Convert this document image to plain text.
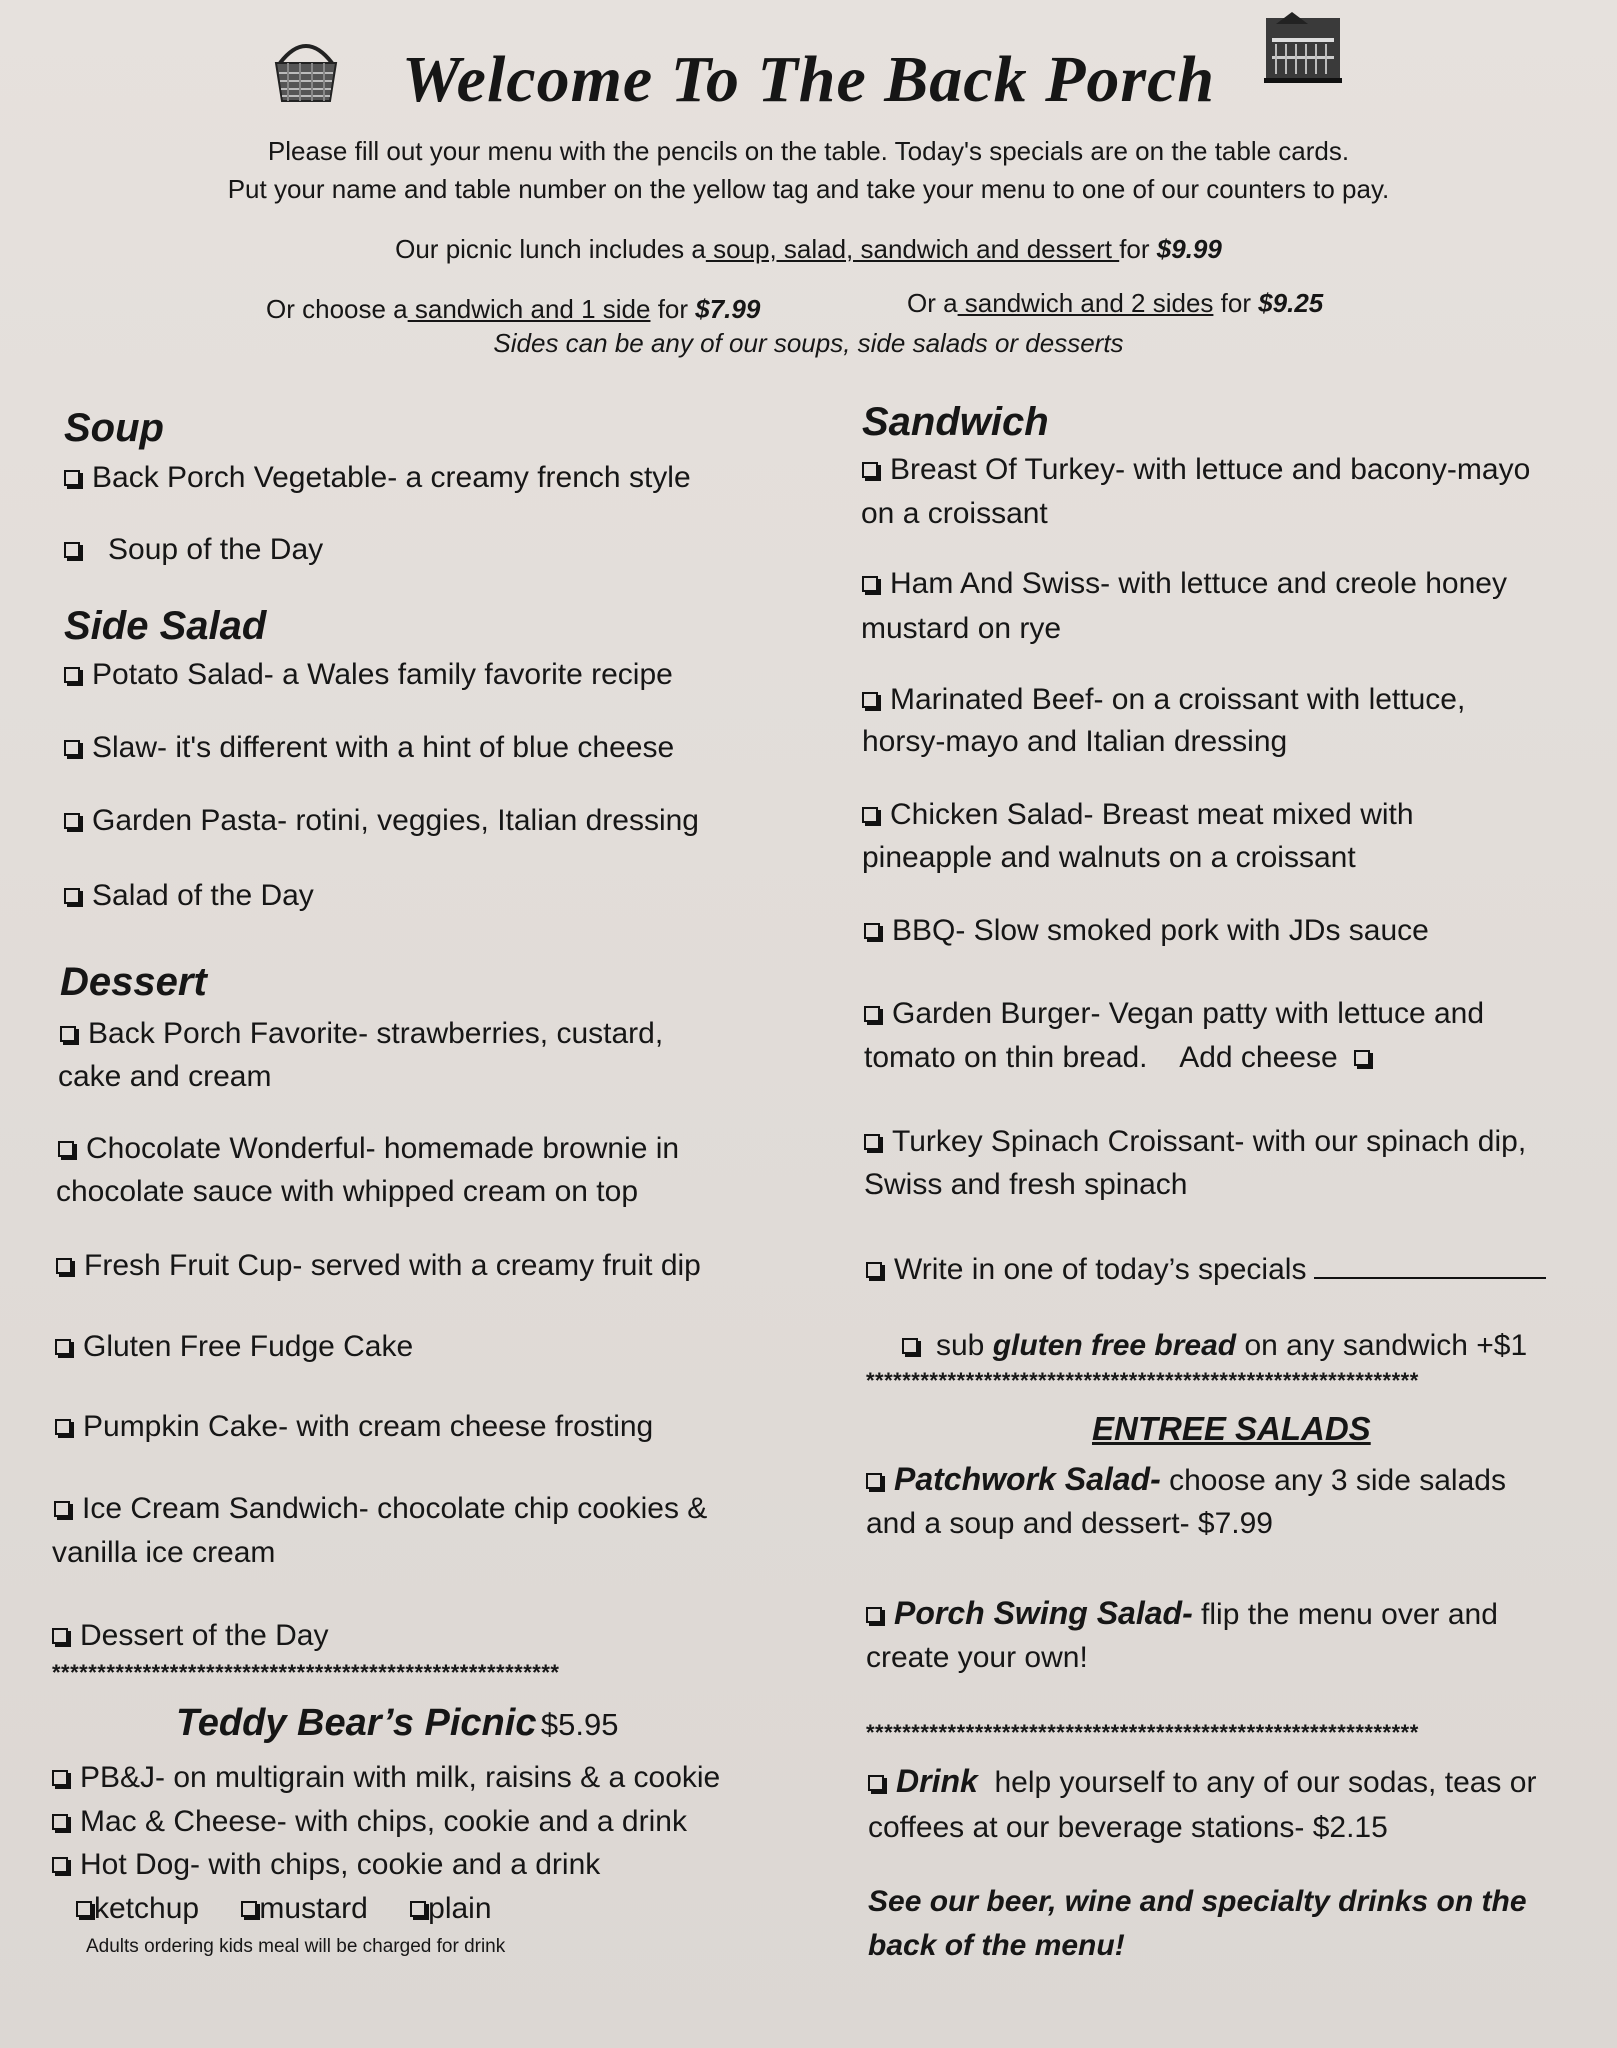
Welcome To The Back Porch
Please fill out your menu with the pencils on the table. Today's specials are on the table cards.
Put your name and table number on the yellow tag and take your menu to one of our counters to pay.
Our picnic lunch includes a soup, salad, sandwich and dessert for $9.99
Or choose a sandwich and 1 side for $7.99	Or a sandwich and 2 sides for $9.25
Sides can be any of our soups, side salads or desserts
Soup
Back Porch Vegetable- a creamy french style
Soup of the Day
Side Salad
Potato Salad- a Wales family favorite recipe
Slaw- it's different with a hint of blue cheese
Garden Pasta- rotini, veggies, Italian dressing
Salad of the Day
Dessert
Back Porch Favorite- strawberries, custard,
cake and cream
Chocolate Wonderful- homemade brownie in
chocolate sauce with whipped cream on top
Fresh Fruit Cup- served with a creamy fruit dip
Gluten Free Fudge Cake
Pumpkin Cake- with cream cheese frosting
Ice Cream Sandwich- chocolate chip cookies &
vanilla ice cream
Dessert of the Day
********************************************************
Teddy Bear’s Picnic $5.95
PB&J- on multigrain with milk, raisins & a cookie
Mac & Cheese- with chips, cookie and a drink
Hot Dog- with chips, cookie and a drink
ketchup mustard plain
Adults ordering kids meal will be charged for drink
Sandwich
Breast Of Turkey- with lettuce and bacony-mayo
on a croissant
Ham And Swiss- with lettuce and creole honey
mustard on rye
Marinated Beef- on a croissant with lettuce,
horsy-mayo and Italian dressing
Chicken Salad- Breast meat mixed with
pineapple and walnuts on a croissant
BBQ- Slow smoked pork with JDs sauce
Garden Burger- Vegan patty with lettuce and
tomato on thin bread.    Add cheese
Turkey Spinach Croissant- with our spinach dip,
Swiss and fresh spinach
Write in one of today’s specials
sub gluten free bread on any sandwich +$1
*************************************************************
ENTREE SALADS
Patchwork Salad- choose any 3 side salads
and a soup and dessert- $7.99
Porch Swing Salad- flip the menu over and
create your own!
*************************************************************
Drink  help yourself to any of our sodas, teas or
coffees at our beverage stations- $2.15
See our beer, wine and specialty drinks on the
back of the menu!
